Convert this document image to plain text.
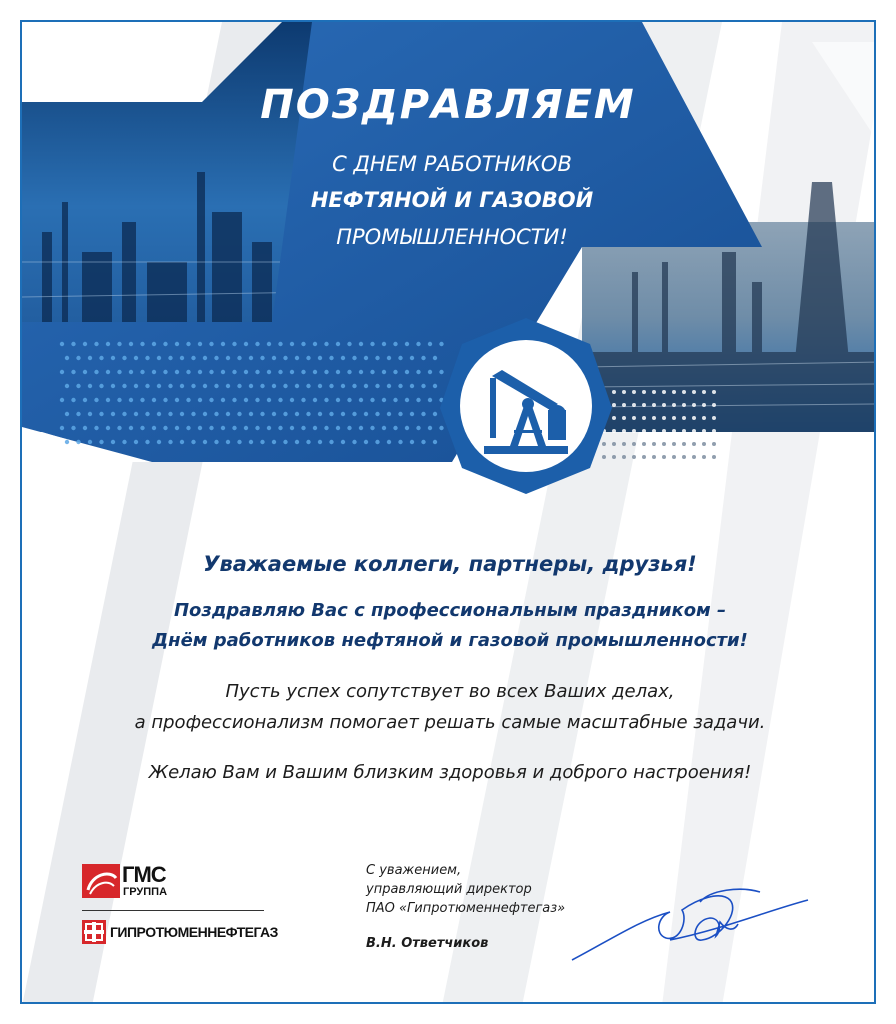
ПОЗДРАВЛЯЕМ
С ДНЕМ РАБОТНИКОВ
НЕФТЯНОЙ И ГАЗОВОЙ
ПРОМЫШЛЕННОСТИ!
Уважаемые коллеги, партнеры, друзья!
Поздравляю Вас с профессиональным праздником –
Днём работников нефтяной и газовой промышленности!
Пусть успех сопутствует во всех Ваших делах,
а профессионализм помогает решать самые масштабные задачи.
Желаю Вам и Вашим близким здоровья и доброго настроения!
ГМС
ГРУППА
ГИПРОТЮМЕННЕФТЕГАЗ
С уважением,
управляющий директор
ПАО «Гипротюменнефтегаз»
В.Н. Ответчиков
